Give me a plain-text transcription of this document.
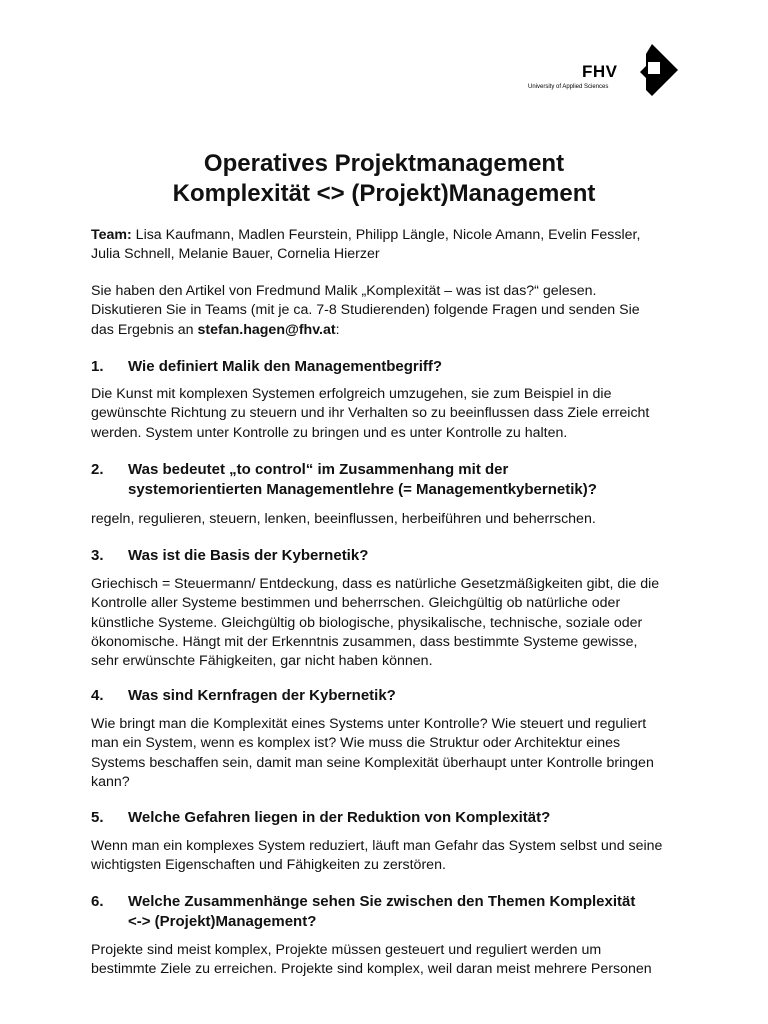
FHV
University of Applied Sciences
Operatives Projektmanagement
Komplexität <> (Projekt)Management
Team: Lisa Kaufmann, Madlen Feurstein, Philipp Längle, Nicole Amann, Evelin Fessler,
Julia Schnell, Melanie Bauer, Cornelia Hierzer
Sie haben den Artikel von Fredmund Malik „Komplexität – was ist das?“ gelesen.
Diskutieren Sie in Teams (mit je ca. 7-8 Studierenden) folgende Fragen und senden Sie
das Ergebnis an stefan.hagen@fhv.at:
1. Wie definiert Malik den Managementbegriff?
Die Kunst mit komplexen Systemen erfolgreich umzugehen, sie zum Beispiel in die
gewünschte Richtung zu steuern und ihr Verhalten so zu beeinflussen dass Ziele erreicht
werden. System unter Kontrolle zu bringen und es unter Kontrolle zu halten.
2. Was bedeutet „to control“ im Zusammenhang mit der
systemorientierten Managementlehre (= Managementkybernetik)?
regeln, regulieren, steuern, lenken, beeinflussen, herbeiführen und beherrschen.
3. Was ist die Basis der Kybernetik?
Griechisch = Steuermann/ Entdeckung, dass es natürliche Gesetzmäßigkeiten gibt, die die
Kontrolle aller Systeme bestimmen und beherrschen. Gleichgültig ob natürliche oder
künstliche Systeme. Gleichgültig ob biologische, physikalische, technische, soziale oder
ökonomische. Hängt mit der Erkenntnis zusammen, dass bestimmte Systeme gewisse,
sehr erwünschte Fähigkeiten, gar nicht haben können.
4. Was sind Kernfragen der Kybernetik?
Wie bringt man die Komplexität eines Systems unter Kontrolle? Wie steuert und reguliert
man ein System, wenn es komplex ist? Wie muss die Struktur oder Architektur eines
Systems beschaffen sein, damit man seine Komplexität überhaupt unter Kontrolle bringen
kann?
5. Welche Gefahren liegen in der Reduktion von Komplexität?
Wenn man ein komplexes System reduziert, läuft man Gefahr das System selbst und seine
wichtigsten Eigenschaften und Fähigkeiten zu zerstören.
6. Welche Zusammenhänge sehen Sie zwischen den Themen Komplexität
<-> (Projekt)Management?
Projekte sind meist komplex, Projekte müssen gesteuert und reguliert werden um
bestimmte Ziele zu erreichen. Projekte sind komplex, weil daran meist mehrere Personen
